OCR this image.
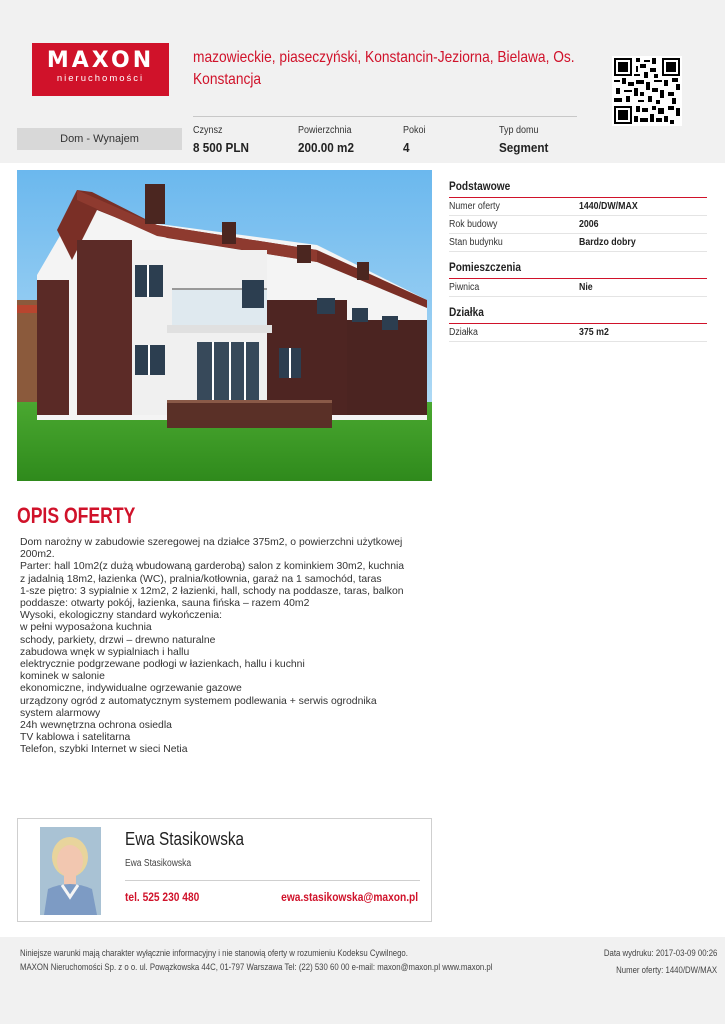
MAXON
nieruchomości
mazowieckie, piaseczyński, Konstancin-Jeziorna, Bielawa, Os. Konstancja
Dom - Wynajem
Czynsz
8 500 PLN
Powierzchnia
200.00 m2
Pokoi
4
Typ domu
Segment
Podstawowe
Numer oferty	1440/DW/MAX
Rok budowy	2006
Stan budynku	Bardzo dobry
Pomieszczenia
Piwnica	Nie
Działka
Działka	375 m2
OPIS OFERTY
Dom narożny w zabudowie szeregowej na działce 375m2, o powierzchni użytkowej
200m2.
Parter: hall 10m2(z dużą wbudowaną garderobą) salon z kominkiem 30m2, kuchnia
z jadalnią 18m2, łazienka (WC), pralnia/kotłownia, garaż na 1 samochód, taras
1-sze piętro: 3 sypialnie x 12m2, 2 łazienki, hall, schody na poddasze, taras, balkon
poddasze: otwarty pokój, łazienka, sauna fińska – razem 40m2
Wysoki, ekologiczny standard wykończenia:
w pełni wyposażona kuchnia
schody, parkiety, drzwi – drewno naturalne
zabudowa wnęk w sypialniach i hallu
elektrycznie podgrzewane podłogi w łazienkach, hallu i kuchni
kominek w salonie
ekonomiczne, indywidualne ogrzewanie gazowe
urządzony ogród z automatycznym systemem podlewania + serwis ogrodnika
system alarmowy
24h wewnętrzna ochrona osiedla
TV kablowa i satelitarna
Telefon, szybki Internet w sieci Netia
Ewa Stasikowska
Ewa Stasikowska
tel. 525 230 480	ewa.stasikowska@maxon.pl
Niniejsze warunki mają charakter wyłącznie informacyjny i nie stanowią oferty w rozumieniu Kodeksu Cywilnego.
MAXON Nieruchomości Sp. z o o. ul. Powązkowska 44C, 01-797 Warszawa Tel: (22) 530 60 00 e-mail: maxon@maxon.pl www.maxon.pl
Data wydruku: 2017-03-09 00:26
Numer oferty: 1440/DW/MAX
